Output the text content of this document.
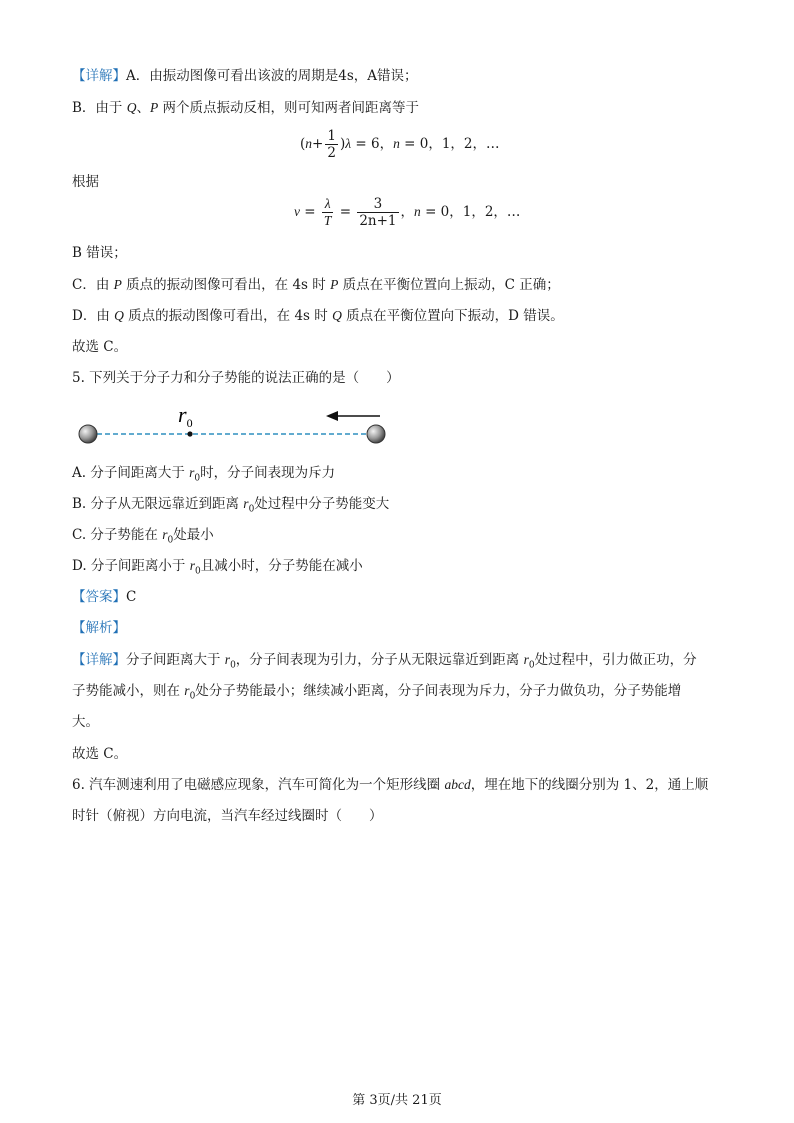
【详解】A．由振动图像可看出该波的周期是4s，A错误；
B．由于 Q、P 两个质点振动反相，则可知两者间距离等于
$(n+ \frac{1}{2} )\lambda = 6$，n = 0，1，2，…
根据
$v = \frac{\lambda}{T} = \frac{3}{2n+1}$ ，n = 0，1，2，…
B 错误；
C．由 P 质点的振动图像可看出，在 4s 时 P 质点在平衡位置向上振动，C 正确；
D．由 Q 质点的振动图像可看出，在 4s 时 Q 质点在平衡位置向下振动，D 错误。
故选 C。
5. 下列关于分子力和分子势能的说法正确的是（　　）
$r_0$
A. 分子间距离大于 $r_0$时，分子间表现为斥力
B. 分子从无限远靠近到距离 $r_0$处过程中分子势能变大
C. 分子势能在 $r_0$处最小
D. 分子间距离小于 $r_0$且减小时，分子势能在减小
【答案】C
【解析】
【详解】分子间距离大于 $r_0$，分子间表现为引力，分子从无限远靠近到距离 $r_0$处过程中，引力做正功，分
子势能减小，则在 $r_0$处分子势能最小；继续减小距离，分子间表现为斥力，分子力做负功，分子势能增
大。
故选 C。
6. 汽车测速利用了电磁感应现象，汽车可简化为一个矩形线圈 abcd，埋在地下的线圈分别为 1、2，通上顺
时针（俯视）方向电流，当汽车经过线圈时（　　）
第 3页/共 21页
